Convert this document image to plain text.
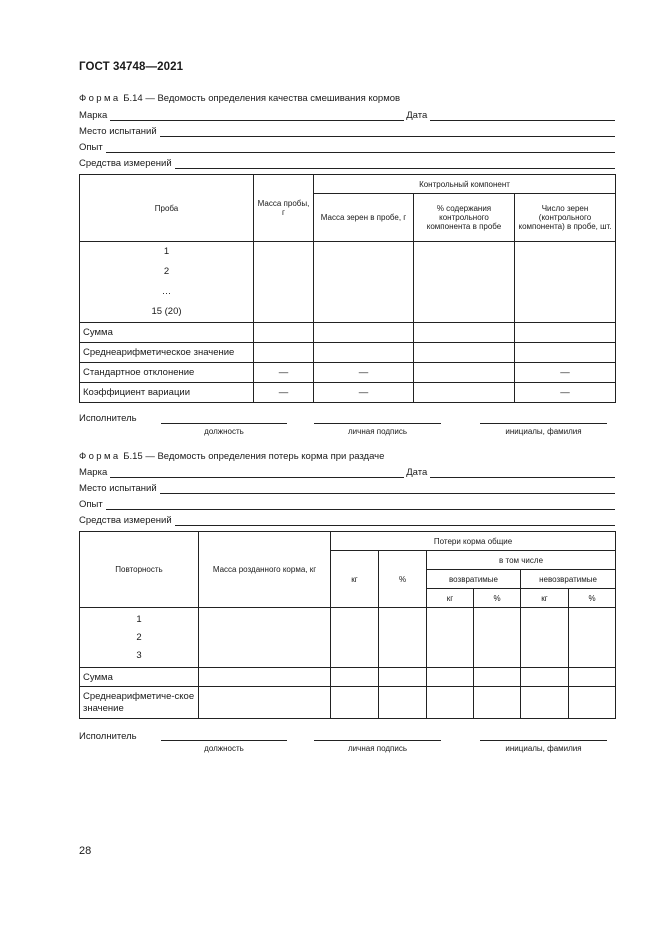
ГОСТ 34748—2021
Форма Б.14 — Ведомость определения качества смешивания кормов
Марка	Дата
Место испытаний
Опыт
Средства измерений
Проба	Масса пробы, г	Контрольный компонент		
		Масса зерен в пробе, г	% содержания контрольного компонента в пробе	Число зерен (контрольного компонента) в пробе, шт.

1
2
…
15 (20)				

Сумма				
Среднеарифметическое значение				
Стандартное отклонение	—	—		—
Коэффициент вариации	—	—		—
Исполнитель
должность	личная подпись	инициалы, фамилия
Форма Б.15 — Ведомость определения потерь корма при раздаче
Марка	Дата
Место испытаний
Опыт
Средства измерений
Повторность	Масса розданного корма, кг	Потери корма общие					
		кг	%	в том числе			
				возвратимые		невозвратимые	
				кг	%	кг	%

1
2
3							

Сумма							
Среднеарифметиче-ское значение							
Исполнитель
должность	личная подпись	инициалы, фамилия
28
